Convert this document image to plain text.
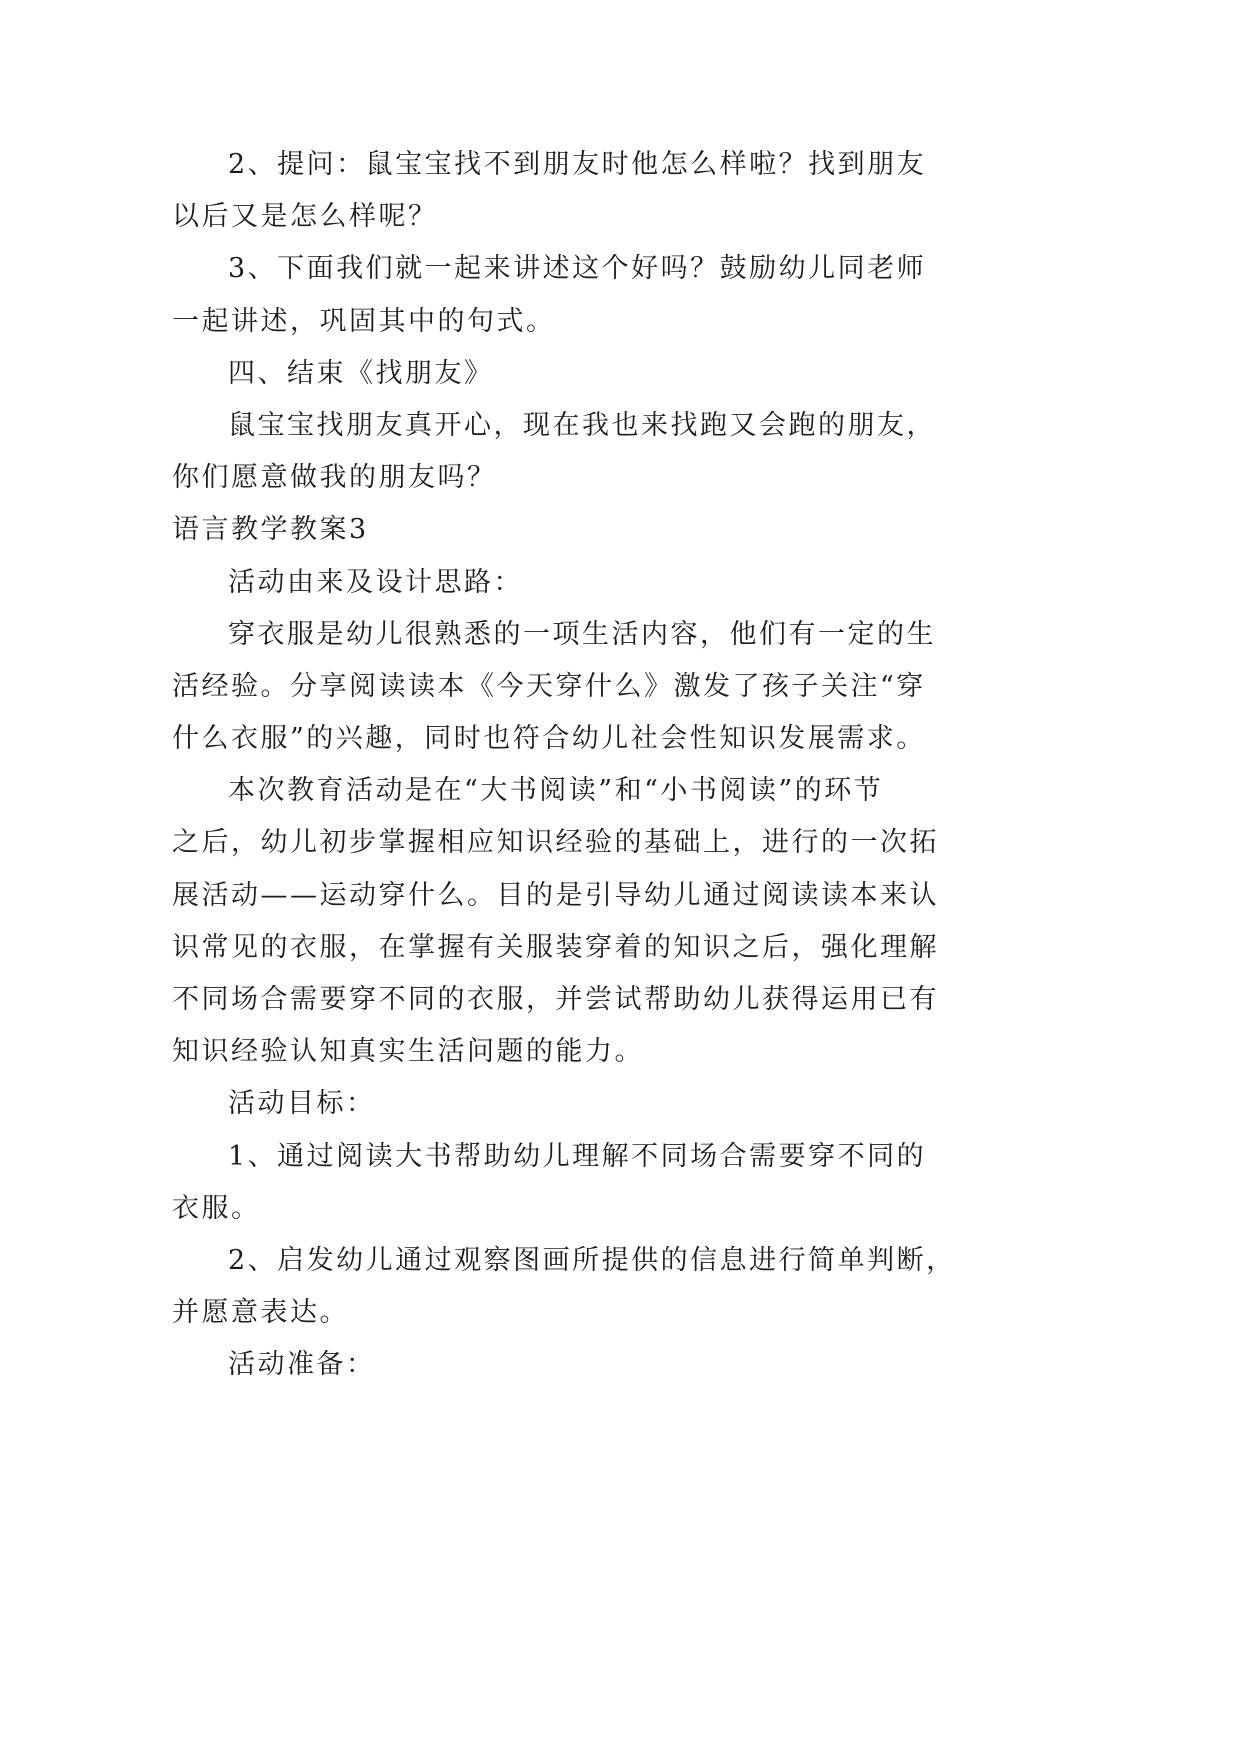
2、提问：鼠宝宝找不到朋友时他怎么样啦？找到朋友
以后又是怎么样呢？
3、下面我们就一起来讲述这个好吗？鼓励幼儿同老师
一起讲述，巩固其中的句式。
四、结束《找朋友》
鼠宝宝找朋友真开心，现在我也来找跑又会跑的朋友，
你们愿意做我的朋友吗？
语言教学教案3
活动由来及设计思路：
穿衣服是幼儿很熟悉的一项生活内容，他们有一定的生
活经验。分享阅读读本《今天穿什么》激发了孩子关注“穿
什么衣服”的兴趣，同时也符合幼儿社会性知识发展需求。
本次教育活动是在“大书阅读”和“小书阅读”的环节
之后，幼儿初步掌握相应知识经验的基础上，进行的一次拓
展活动——运动穿什么。目的是引导幼儿通过阅读读本来认
识常见的衣服，在掌握有关服装穿着的知识之后，强化理解
不同场合需要穿不同的衣服，并尝试帮助幼儿获得运用已有
知识经验认知真实生活问题的能力。
活动目标：
1、通过阅读大书帮助幼儿理解不同场合需要穿不同的
衣服。
2、启发幼儿通过观察图画所提供的信息进行简单判断，
并愿意表达。
活动准备：
